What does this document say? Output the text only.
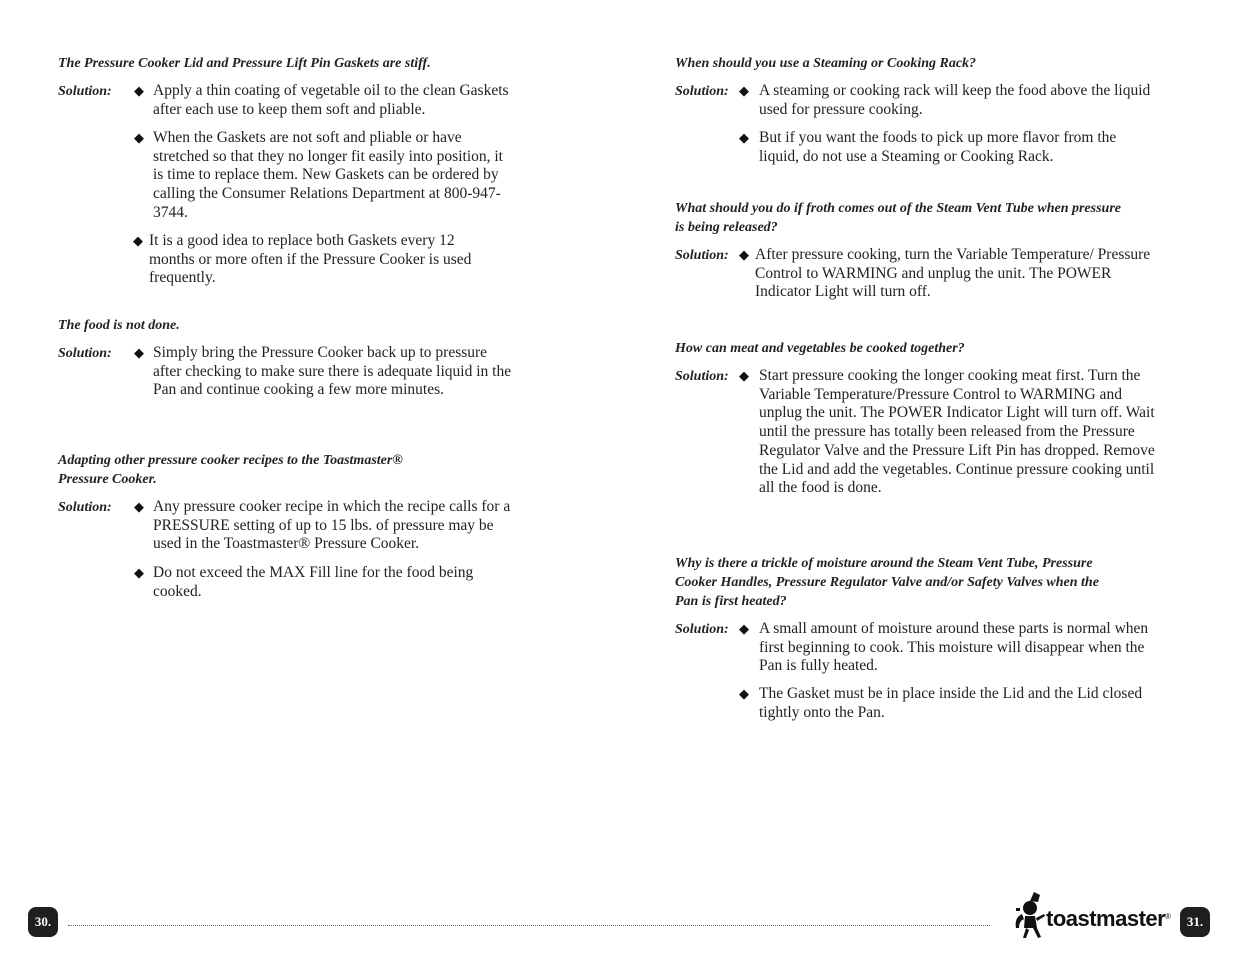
The Pressure Cooker Lid and Pressure Lift Pin Gaskets are stiff.

Solution: ◆ Apply a thin coating of vegetable oil to the clean Gaskets after each use to keep them soft and pliable.
◆ When the Gaskets are not soft and pliable or have stretched so that they no longer fit easily into position, it is time to replace them. New Gaskets can be ordered by calling the Consumer Relations Department at 800-947-3744.
◆ It is a good idea to replace both Gaskets every 12 months or more often if the Pressure Cooker is used frequently.

The food is not done.

Solution: ◆ Simply bring the Pressure Cooker back up to pressure after checking to make sure there is adequate liquid in the Pan and continue cooking a few more minutes.

Adapting other pressure cooker recipes to the Toastmaster®

Pressure Cooker.

Solution: ◆ Any pressure cooker recipe in which the recipe calls for a PRESSURE setting of up to 15 lbs. of pressure may be used in the Toastmaster® Pressure Cooker.
◆ Do not exceed the MAX Fill line for the food being cooked.

When should you use a Steaming or Cooking Rack?

Solution: ◆ A steaming or cooking rack will keep the food above the liquid used for pressure cooking.
◆ But if you want the foods to pick up more flavor from the liquid, do not use a Steaming or Cooking Rack.

What should you do if froth comes out of the Steam Vent Tube when pressure

is being released?

Solution: ◆ After pressure cooking, turn the Variable Temperature/ Pressure Control to WARMING and unplug the unit. The POWER Indicator Light will turn off.

How can meat and vegetables be cooked together?

Solution: ◆ Start pressure cooking the longer cooking meat first. Turn the Variable Temperature/Pressure Control to WARMING and unplug the unit. The POWER Indicator Light will turn off. Wait until the pressure has totally been released from the Pressure Regulator Valve and the Pressure Lift Pin has dropped. Remove the Lid and add the vegetables. Continue pressure cooking until all the food is done.

Why is there a trickle of moisture around the Steam Vent Tube, Pressure

Cooker Handles, Pressure Regulator Valve and/or Safety Valves when the

Pan is first heated?

Solution: ◆ A small amount of moisture around these parts is normal when first beginning to cook. This moisture will disappear when the Pan is fully heated.
◆ The Gasket must be in place inside the Lid and the Lid closed tightly onto the Pan.
30.	toastmaster ®	31.
